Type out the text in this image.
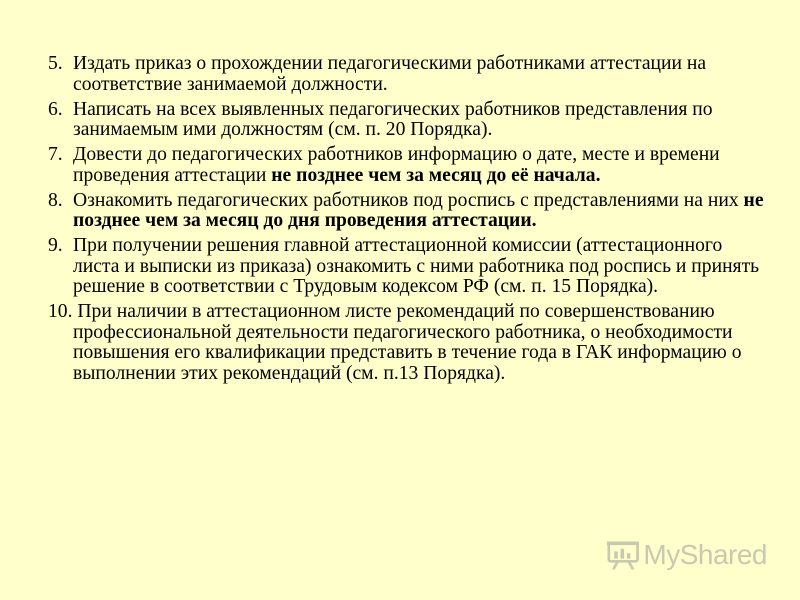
5. Издать приказ о прохождении педагогическими работниками аттестации на соответствие занимаемой должности.
6. Написать на всех выявленных педагогических работников представления по занимаемым ими должностям (см. п. 20 Порядка).
7. Довести до педагогических работников информацию о дате, месте и времени проведения аттестации не позднее чем за месяц до её начала.
8. Ознакомить педагогических работников под роспись с представлениями на них не позднее чем за месяц до дня проведения аттестации.
9. При получении решения главной аттестационной комиссии (аттестационного листа и выписки из приказа) ознакомить с ними работника под роспись и принять решение в соответствии с Трудовым кодексом РФ (см. п. 15 Порядка).
10. При наличии в аттестационном листе рекомендаций по совершенствованию профессиональной деятельности педагогического работника, о необходимости повышения его квалификации представить в течение года в ГАК информацию о выполнении этих рекомендаций (см. п.13 Порядка).
MyShared
